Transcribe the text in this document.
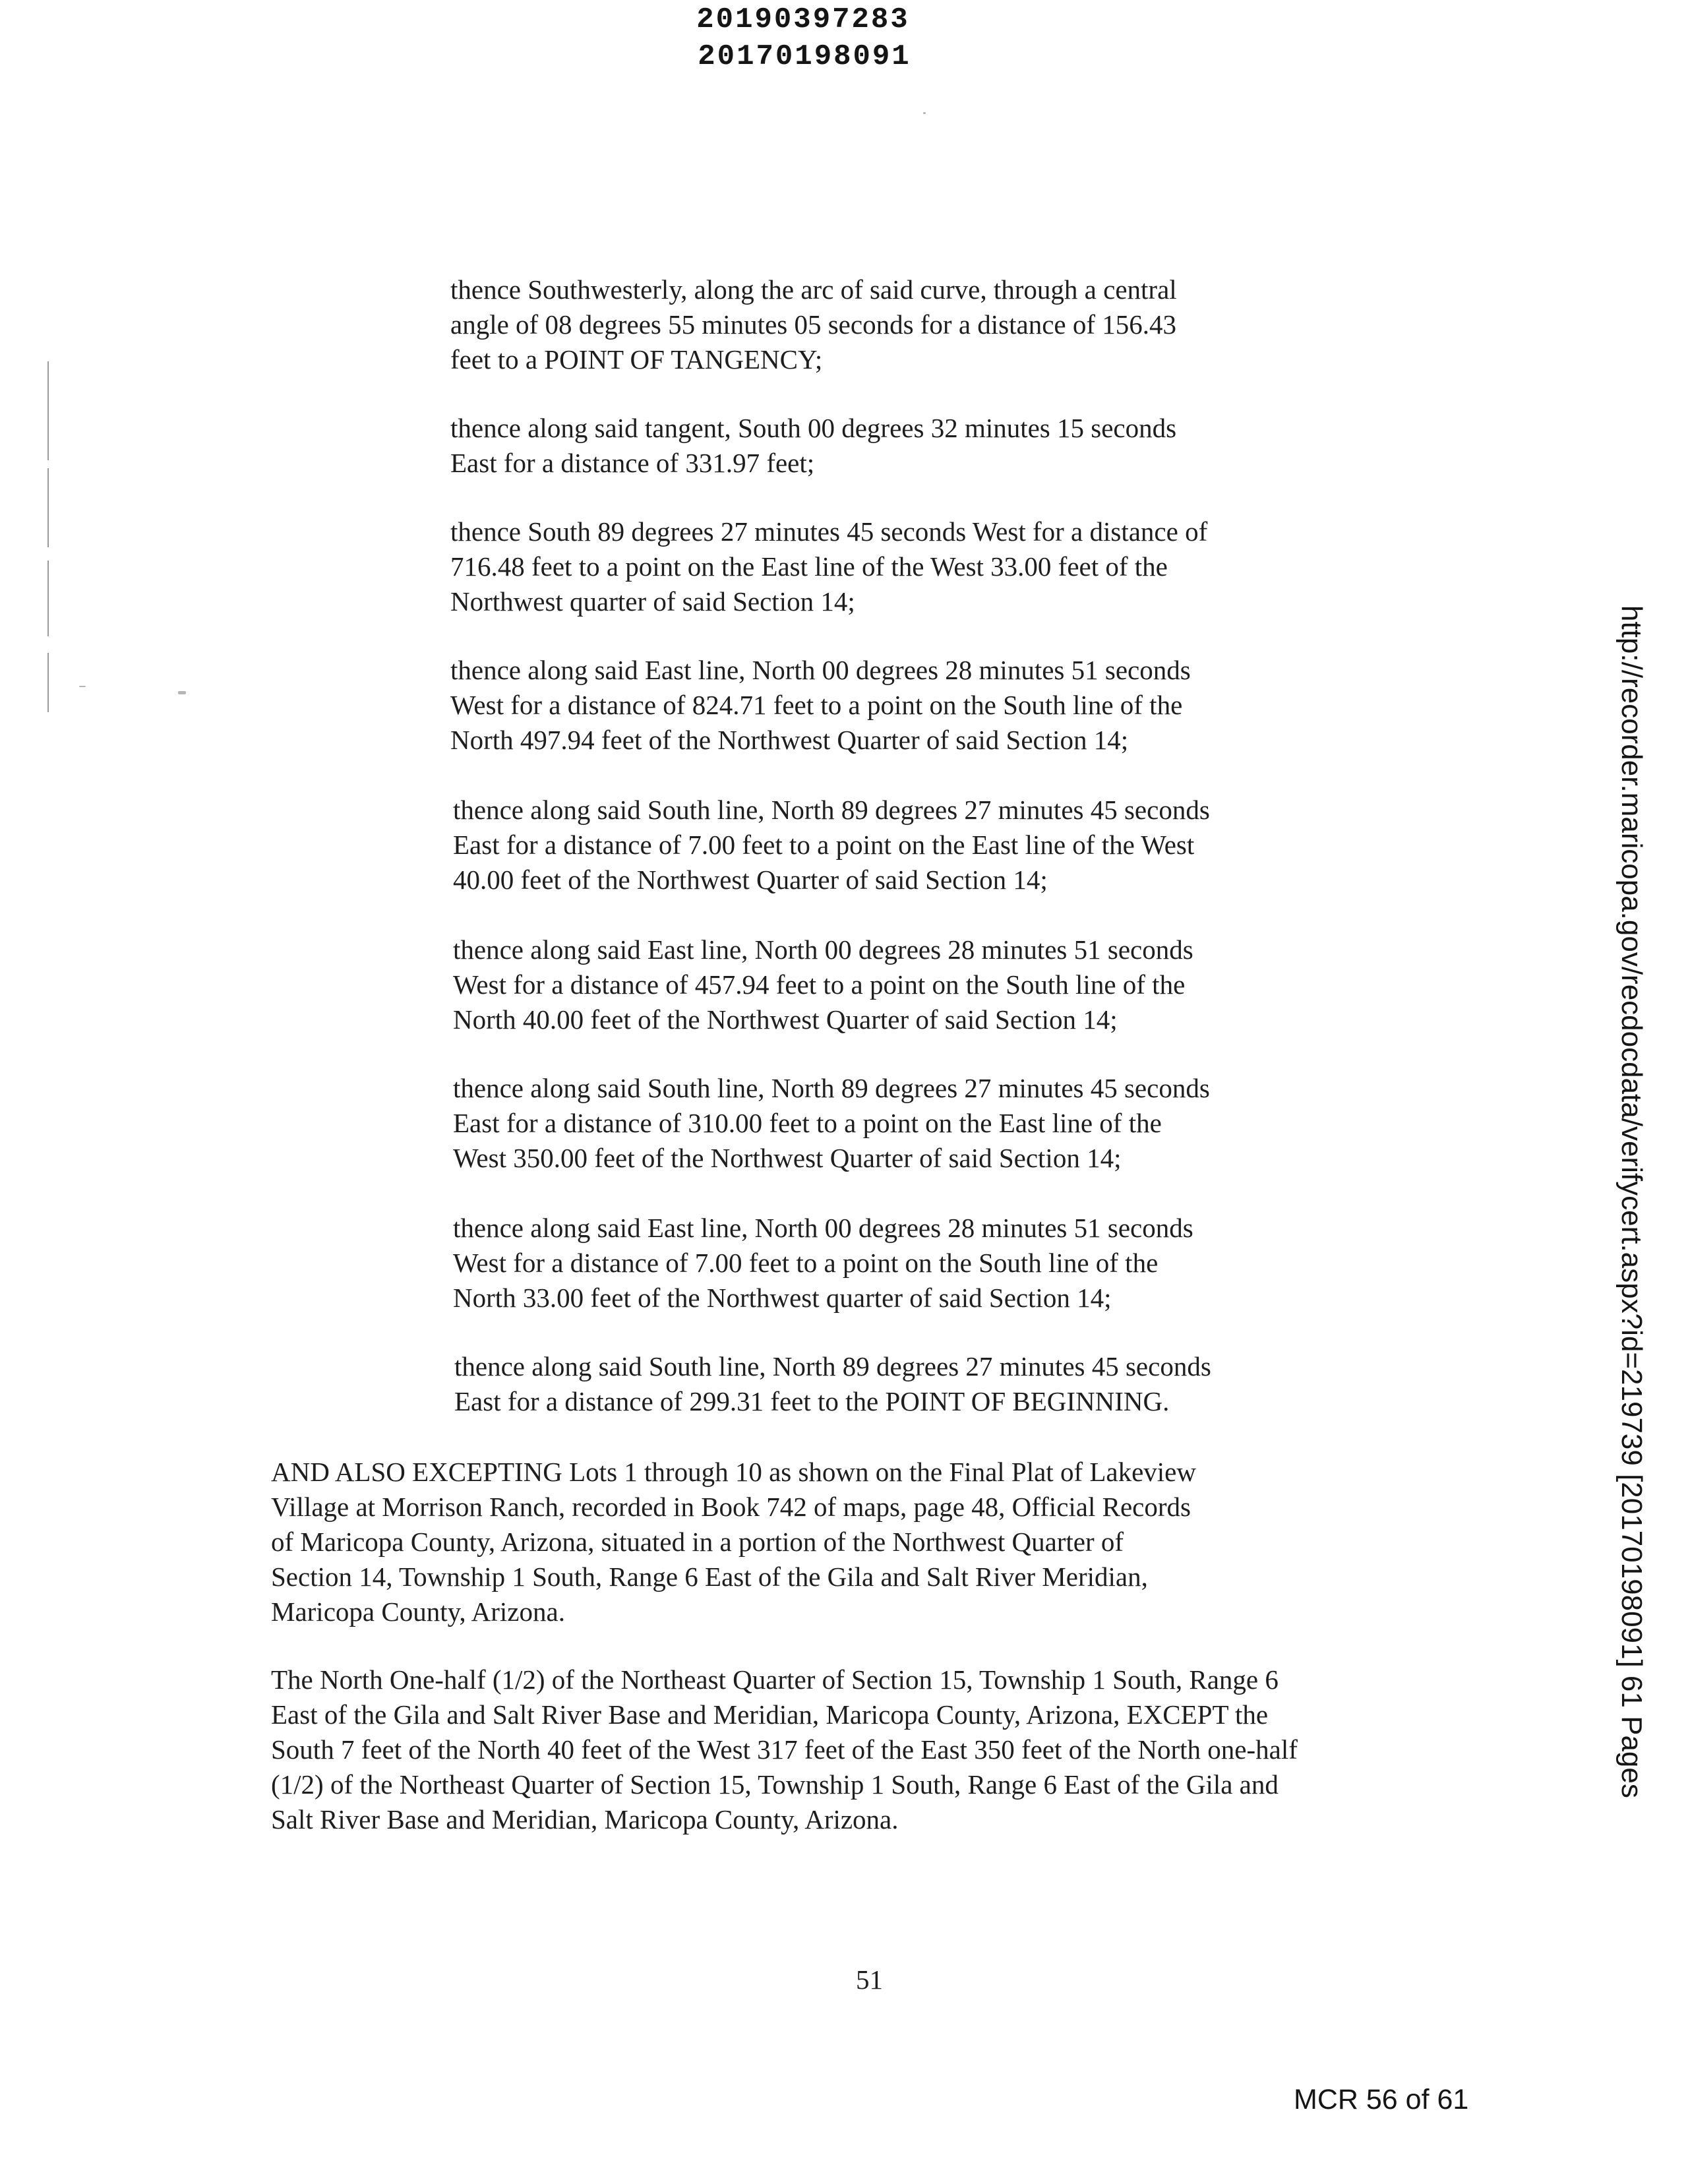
20190397283
20170198091
thence Southwesterly, along the arc of said curve, through a central
angle of 08 degrees 55 minutes 05 seconds for a distance of 156.43
feet to a POINT OF TANGENCY;
thence along said tangent, South 00 degrees 32 minutes 15 seconds
East for a distance of 331.97 feet;
thence South 89 degrees 27 minutes 45 seconds West for a distance of
716.48 feet to a point on the East line of the West 33.00 feet of the
Northwest quarter of said Section 14;
thence along said East line, North 00 degrees 28 minutes 51 seconds
West for a distance of 824.71 feet to a point on the South line of the
North 497.94 feet of the Northwest Quarter of said Section 14;
thence along said South line, North 89 degrees 27 minutes 45 seconds
East for a distance of 7.00 feet to a point on the East line of the West
40.00 feet of the Northwest Quarter of said Section 14;
thence along said East line, North 00 degrees 28 minutes 51 seconds
West for a distance of 457.94 feet to a point on the South line of the
North 40.00 feet of the Northwest Quarter of said Section 14;
thence along said South line, North 89 degrees 27 minutes 45 seconds
East for a distance of 310.00 feet to a point on the East line of the
West 350.00 feet of the Northwest Quarter of said Section 14;
thence along said East line, North 00 degrees 28 minutes 51 seconds
West for a distance of 7.00 feet to a point on the South line of the
North 33.00 feet of the Northwest quarter of said Section 14;
thence along said South line, North 89 degrees 27 minutes 45 seconds
East for a distance of 299.31 feet to the POINT OF BEGINNING.
AND ALSO EXCEPTING Lots 1 through 10 as shown on the Final Plat of Lakeview
Village at Morrison Ranch, recorded in Book 742 of maps, page 48, Official Records
of Maricopa County, Arizona, situated in a portion of the Northwest Quarter of
Section 14, Township 1 South, Range 6 East of the Gila and Salt River Meridian,
Maricopa County, Arizona.
The North One-half (1/2) of the Northeast Quarter of Section 15, Township 1 South, Range 6
East of the Gila and Salt River Base and Meridian, Maricopa County, Arizona, EXCEPT the
South 7 feet of the North 40 feet of the West 317 feet of the East 350 feet of the North one-half
(1/2) of the Northeast Quarter of Section 15, Township 1 South, Range 6 East of the Gila and
Salt River Base and Meridian, Maricopa County, Arizona.
51
MCR 56 of 61
http://recorder.maricopa.gov/recdocdata/verifycert.aspx?id=219739 [20170198091] 61 Pages
